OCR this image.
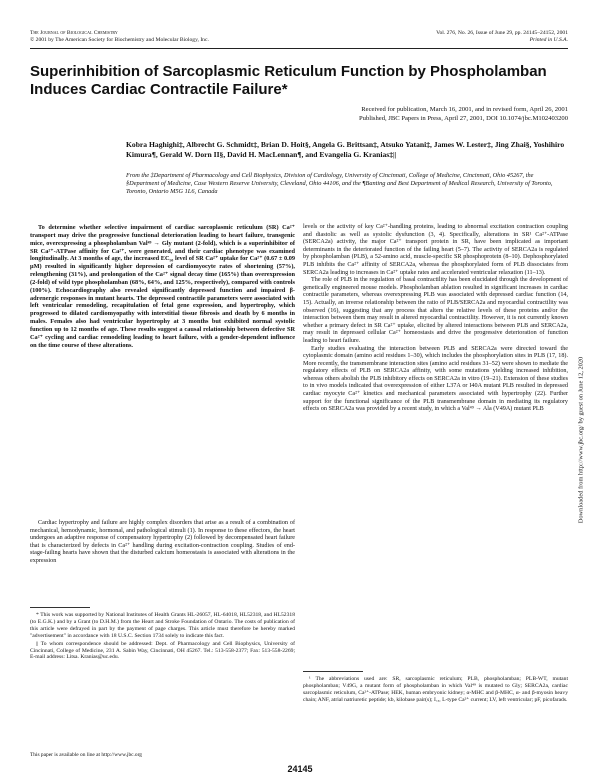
The Journal of Biological Chemistry
© 2001 by The American Society for Biochemistry and Molecular Biology, Inc.
Vol. 276, No. 26, Issue of June 29, pp. 24145–24152, 2001
Printed in U.S.A.
Superinhibition of Sarcoplasmic Reticulum Function by Phospholamban Induces Cardiac Contractile Failure*
Received for publication, March 16, 2001, and in revised form, April 26, 2001
Published, JBC Papers in Press, April 27, 2001, DOI 10.1074/jbc.M102403200
Kobra Haghighi‡, Albrecht G. Schmidt‡, Brian D. Hoit§, Angela G. Brittsan‡, Atsuko Yatani‡, James W. Lester‡, Jing Zhai§, Yoshihiro Kimura¶, Gerald W. Dorn II§, David H. MacLennan¶, and Evangelia G. Kranias‡||
From the ‡Department of Pharmacology and Cell Biophysics, Division of Cardiology, University of Cincinnati, College of Medicine, Cincinnati, Ohio 45267, the §Department of Medicine, Case Western Reserve University, Cleveland, Ohio 44106, and the ¶Banting and Best Department of Medical Research, University of Toronto, Toronto, Ontario M5G 1L6, Canada

To determine whether selective impairment of cardiac sarcoplasmic reticulum (SR) Ca²⁺ transport may drive the progressive functional deterioration leading to heart failure, transgenic mice, overexpressing a phospholamban Val⁴⁹ → Gly mutant (2-fold), which is a superinhibitor of SR Ca²⁺-ATPase affinity for Ca²⁺, were generated, and their cardiac phenotype was examined longitudinally. At 3 months of age, the increased EC₅₀ level of SR Ca²⁺ uptake for Ca²⁺ (0.67 ± 0.09 μM) resulted in significantly higher depression of cardiomyocyte rates of shortening (57%), relengthening (31%), and prolongation of the Ca²⁺ signal decay time (165%) than overexpression (2-fold) of wild type phospholamban (68%, 64%, and 125%, respectively), compared with controls (100%). Echocardiography also revealed significantly depressed function and impaired β-adrenergic responses in mutant hearts. The depressed contractile parameters were associated with left ventricular remodeling, recapitulation of fetal gene expression, and hypertrophy, which progressed to dilated cardiomyopathy with interstitial tissue fibrosis and death by 6 months in males. Females also had ventricular hypertrophy at 3 months but exhibited normal systolic function up to 12 months of age. These results suggest a causal relationship between defective SR Ca²⁺ cycling and cardiac remodeling leading to heart failure, with a gender-dependent influence on the time course of these alterations.

Cardiac hypertrophy and failure are highly complex disorders that arise as a result of a combination of mechanical, hemodynamic, hormonal, and pathological stimuli (1). In response to these effectors, the heart undergoes an adaptive response of compensatory hypertrophy (2) followed by decompensated heart failure that is characterized by defects in Ca²⁺ handling during excitation-contraction coupling. Studies of end-stage-failing hearts have shown that the disturbed calcium homeostasis is associated with alterations in the expression

* This work was supported by National Institutes of Health Grants HL-26057, HL-64018, HL52318, and HL52318 (to E.G.K.) and by a Grant (to D.H.M.) from the Heart and Stroke Foundation of Ontario. The costs of publication of this article were defrayed in part by the payment of page charges. This article must therefore be hereby marked "advertisement" in accordance with 18 U.S.C. Section 1734 solely to indicate this fact.

|| To whom correspondence should be addressed: Dept. of Pharmacology and Cell Biophysics, University of Cincinnati, College of Medicine, 231 A. Sabin Way, Cincinnati, OH 45267. Tel.: 513-558-2377; Fax: 513-558-2269; E-mail address: Litsa. Kranias@uc.edu.

levels or the activity of key Ca²⁺-handling proteins, leading to abnormal excitation contraction coupling and diastolic as well as systolic dysfunction (3, 4). Specifically, alterations in SR¹ Ca²⁺-ATPase (SERCA2a) activity, the major Ca²⁺ transport protein in SR, have been implicated as important determinants in the deteriorated function of the failing heart (5–7). The activity of SERCA2a is regulated by phospholamban (PLB), a 52-amino acid, muscle-specific SR phosphoprotein (8–10). Dephosphorylated PLB inhibits the Ca²⁺ affinity of SERCA2a, whereas the phosphorylated form of PLB dissociates from SERCA2a leading to increases in Ca²⁺ uptake rates and accelerated ventricular relaxation (11–13).

The role of PLB in the regulation of basal contractility has been elucidated through the development of genetically engineered mouse models. Phospholamban ablation resulted in significant increases in cardiac contractile parameters, whereas overexpressing PLB was associated with depressed cardiac function (14, 15). Actually, an inverse relationship between the ratio of PLB/SERCA2a and myocardial contractility was observed (16), suggesting that any process that alters the relative levels of these proteins and/or the interaction between them may result in altered myocardial contractility. However, it is not currently known whether a primary defect in SR Ca²⁺ uptake, elicited by altered interactions between PLB and SERCA2a, may result in depressed cellular Ca²⁺ homeostasis and drive the progressive deterioration of function leading to heart failure.

Early studies evaluating the interaction between PLB and SERCA2a were directed toward the cytoplasmic domain (amino acid residues 1–30), which includes the phosphorylation sites in PLB (17, 18). More recently, the transmembrane interaction sites (amino acid residues 31–52) were shown to mediate the regulatory effects of PLB on SERCA2a affinity, with some mutations yielding increased inhibition, whereas others abolish the PLB inhibitory effects on SERCA2a in vitro (19–21). Extension of these studies to in vivo models indicated that overexpression of either L37A or I40A mutant PLB resulted in depressed cardiac myocyte Ca²⁺ kinetics and mechanical parameters associated with hypertrophy (22). Further support for the functional significance of the PLB transmembrane domain in mediating its regulatory effects on SERCA2a was provided by a recent study, in which a Val⁴⁹ → Ala (V49A) mutant PLB

¹ The abbreviations used are: SR, sarcoplasmic reticulum; PLB, phospholamban; PLB-WT, mutant phospholamban; V49G, a mutant form of phospholamban in which Val⁴⁹ is mutated to Gly; SERCA2a, cardiac sarcoplasmic reticulum, Ca²⁺-ATPase; HEK, human embryonic kidney; α-MHC and β-MHC, α- and β-myosin heavy chain; ANF, atrial natriuretic peptide; kb, kilobase pair(s); I꜀ₐ, L-type Ca²⁺ current; LV, left ventricular; pF, picofarads.

Downloaded from http://www.jbc.org/ by guest on June 12, 2020
This paper is available on line at http://www.jbc.org
24145
